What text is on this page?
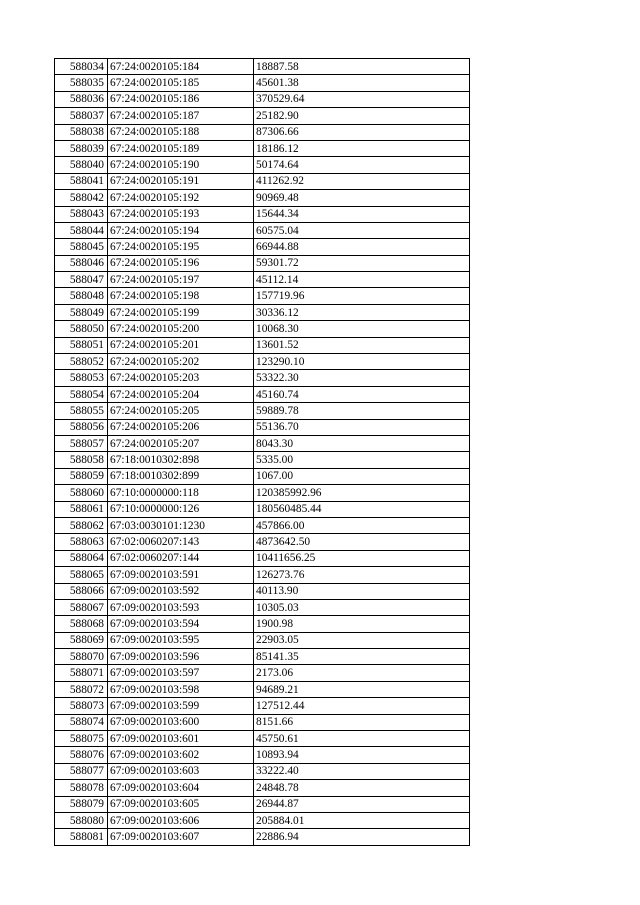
588034	67:24:0020105:184	18887.58
588035	67:24:0020105:185	45601.38
588036	67:24:0020105:186	370529.64
588037	67:24:0020105:187	25182.90
588038	67:24:0020105:188	87306.66
588039	67:24:0020105:189	18186.12
588040	67:24:0020105:190	50174.64
588041	67:24:0020105:191	411262.92
588042	67:24:0020105:192	90969.48
588043	67:24:0020105:193	15644.34
588044	67:24:0020105:194	60575.04
588045	67:24:0020105:195	66944.88
588046	67:24:0020105:196	59301.72
588047	67:24:0020105:197	45112.14
588048	67:24:0020105:198	157719.96
588049	67:24:0020105:199	30336.12
588050	67:24:0020105:200	10068.30
588051	67:24:0020105:201	13601.52
588052	67:24:0020105:202	123290.10
588053	67:24:0020105:203	53322.30
588054	67:24:0020105:204	45160.74
588055	67:24:0020105:205	59889.78
588056	67:24:0020105:206	55136.70
588057	67:24:0020105:207	8043.30
588058	67:18:0010302:898	5335.00
588059	67:18:0010302:899	1067.00
588060	67:10:0000000:118	120385992.96
588061	67:10:0000000:126	180560485.44
588062	67:03:0030101:1230	457866.00
588063	67:02:0060207:143	4873642.50
588064	67:02:0060207:144	10411656.25
588065	67:09:0020103:591	126273.76
588066	67:09:0020103:592	40113.90
588067	67:09:0020103:593	10305.03
588068	67:09:0020103:594	1900.98
588069	67:09:0020103:595	22903.05
588070	67:09:0020103:596	85141.35
588071	67:09:0020103:597	2173.06
588072	67:09:0020103:598	94689.21
588073	67:09:0020103:599	127512.44
588074	67:09:0020103:600	8151.66
588075	67:09:0020103:601	45750.61
588076	67:09:0020103:602	10893.94
588077	67:09:0020103:603	33222.40
588078	67:09:0020103:604	24848.78
588079	67:09:0020103:605	26944.87
588080	67:09:0020103:606	205884.01
588081	67:09:0020103:607	22886.94
